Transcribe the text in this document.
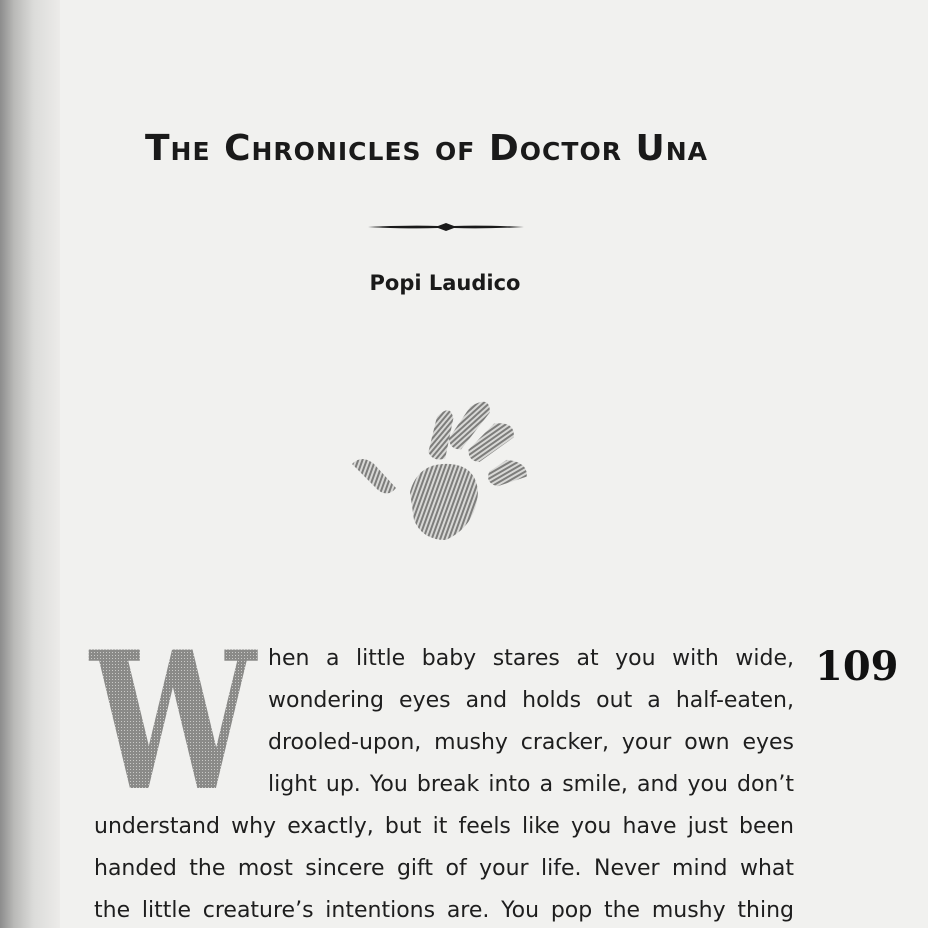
The Chronicles of Doctor Una
Popi Laudico
W	109
hen a little baby stares at you with wide,
wondering eyes and holds out a half-eaten,
drooled-upon, mushy cracker, your own eyes
light up. You break into a smile, and you don’t
understand why exactly, but it feels like you have just been
handed the most sincere gift of your life. Never mind what
the little creature’s intentions are. You pop the mushy thing
